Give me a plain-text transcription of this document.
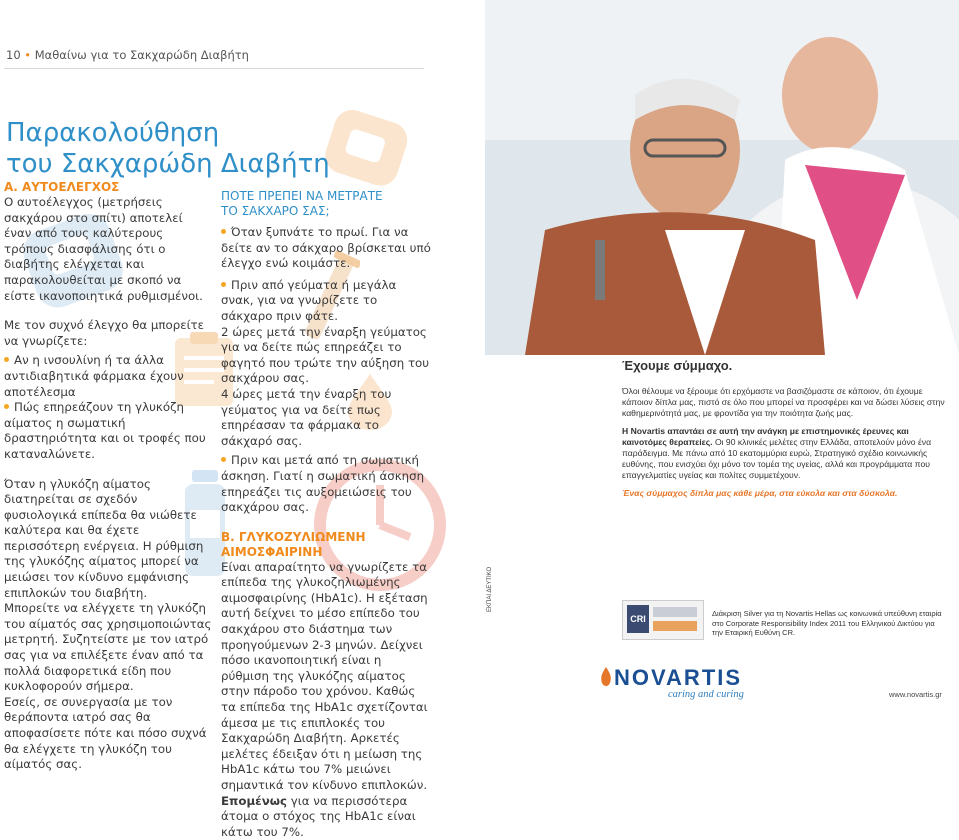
10 • Μαθαίνω για το Σακχαρώδη Διαβήτη
Παρακολούθηση
του Σακχαρώδη Διαβήτη
Α. ΑΥΤΟΕΛΕΓΧΟΣ

Ο αυτοέλεγχος (μετρήσεις σακχάρου στο σπίτι) αποτελεί έναν από τους καλύτερους τρόπους διασφάλισης ότι ο διαβήτης ελέγχεται και παρακολουθείται με σκοπό να είστε ικανοποιητικά ρυθμισμένοι.

Με τον συχνό έλεγχο θα μπορείτε να γνωρίζετε:

Αν η ινσουλίνη ή τα άλλα αντιδιαβητικά φάρμακα έχουν αποτέλεσμα
Πώς επηρεάζουν τη γλυκόζη αίματος η σωματική δραστηριότητα και οι τροφές που καταναλώνετε.

Όταν η γλυκόζη αίματος διατηρείται σε σχεδόν φυσιολογικά επίπεδα θα νιώθετε καλύτερα και θα έχετε περισσότερη ενέργεια. Η ρύθμιση της γλυκόζης αίματος μπορεί να μειώσει τον κίνδυνο εμφάνισης επιπλοκών του διαβήτη.

Μπορείτε να ελέγχετε τη γλυκόζη του αίματός σας χρησιμοποιώντας μετρητή. Συζητείστε με τον ιατρό σας για να επιλέξετε έναν από τα πολλά διαφορετικά είδη που κυκλοφορούν σήμερα.

Εσείς, σε συνεργασία με τον θεράποντα ιατρό σας θα αποφασίσετε πότε και πόσο συχνά θα ελέγχετε τη γλυκόζη του αίματός σας.

ΠΟΤΕ ΠΡΕΠΕΙ ΝΑ ΜΕΤΡΑΤΕ
ΤΟ ΣΑΚΧΑΡΟ ΣΑΣ;
Όταν ξυπνάτε το πρωί. Για να δείτε αν το σάκχαρο βρίσκεται υπό έλεγχο ενώ κοιμάστε.
Πριν από γεύματα ή μεγάλα σνακ, για να γνωρίζετε το σάκχαρο πριν φάτε.

2 ώρες μετά την έναρξη γεύματος για να δείτε πώς επηρεάζει το φαγητό που τρώτε την αύξηση του σακχάρου σας.

4 ώρες μετά την έναρξη του γεύματος για να δείτε πως επηρέασαν τα φάρμακα το σάκχαρό σας.

Πριν και μετά από τη σωματική άσκηση. Γιατί η σωματική άσκηση επηρεάζει τις αυξομειώσεις του σακχάρου σας.
Β. ΓΛΥΚΟΖΥΛΙΩΜΕΝΗ
ΑΙΜΟΣΦΑΙΡΙΝΗ

Είναι απαραίτητο να γνωρίζετε τα επίπεδα της γλυκοζηλιωμένης αιμοσφαιρίνης (HbA1c). Η εξέταση αυτή δείχνει το μέσο επίπεδο του σακχάρου στο διάστημα των προηγούμενων 2-3 μηνών. Δείχνει πόσο ικανοποιητική είναι η ρύθμιση της γλυκόζης αίματος στην πάροδο του χρόνου. Καθώς τα επίπεδα της HbA1c σχετίζονται άμεσα με τις επιπλοκές του Σακχαρώδη Διαβήτη. Αρκετές μελέτες έδειξαν ότι η μείωση της HbA1c κάτω του 7% μειώνει σημαντικά τον κίνδυνο επιπλοκών. Επομένως για να περισσότερα άτομα ο στόχος της HbA1c είναι κάτω του 7%.

Έχουμε σύμμαχο.

Όλοι θέλουμε να ξέρουμε ότι ερχόμαστε να βασιζόμαστε σε κάποιον, ότι έχουμε κάποιον δίπλα μας, πιστό σε όλο που μπορεί να προσφέρει και να δώσει λύσεις στην καθημερινότητά μας, με φροντίδα για την ποιότητα ζωής μας.

Η Novartis απαντάει σε αυτή την ανάγκη με επιστημονικές έρευνες και καινοτόμες θεραπείες. Οι 90 κλινικές μελέτες στην Ελλάδα, αποτελούν μόνο ένα παράδειγμα. Με πάνω από 10 εκατομμύρια ευρώ, Στρατηγικό σχέδιο κοινωνικής ευθύνης, που ενισχύει όχι μόνο τον τομέα της υγείας, αλλά και προγράμματα που επαγγελματίες υγείας και πολίτες συμμετέχουν.

Ένας σύμμαχος δίπλα μας κάθε μέρα, στα εύκολα και στα δύσκολα.

CRI
Διάκριση Silver για τη Novartis Hellas ως κοινωνικά υπεύθυνη εταιρία στο Corporate Responsibility Index 2011 του Ελληνικού Δικτύου για την Εταιρική Ευθύνη CR.
ΕΚΠΑΙ ΔΕΥΤΙΚΟ
NOVARTIS
caring and curing	www.novartis.gr
